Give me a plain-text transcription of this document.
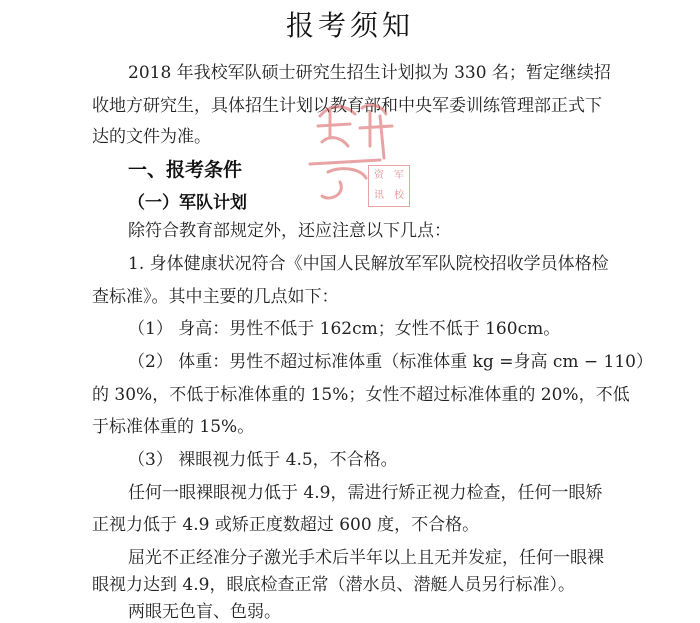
报考须知
2018 年我校军队硕士研究生招生计划拟为 330 名；暂定继续招
收地方研究生，具体招生计划以教育部和中央军委训练管理部正式下
达的文件为准。
一、报考条件
（一）军队计划
除符合教育部规定外，还应注意以下几点：
1. 身体健康状况符合《中国人民解放军军队院校招收学员体格检
查标准》。其中主要的几点如下：
（1） 身高：男性不低于 162cm；女性不低于 160cm。
（2） 体重：男性不超过标准体重（标准体重 kg =身高 cm − 110）
的 30%，不低于标准体重的 15%；女性不超过标准体重的 20%，不低
于标准体重的 15%。
（3） 裸眼视力低于 4.5，不合格。
任何一眼裸眼视力低于 4.9，需进行矫正视力检查，任何一眼矫
正视力低于 4.9 或矫正度数超过 600 度，不合格。
屈光不正经准分子激光手术后半年以上且无并发症，任何一眼裸
眼视力达到 4.9，眼底检查正常（潜水员、潜艇人员另行标准）。
两眼无色盲、色弱。
资	军
讯	校
